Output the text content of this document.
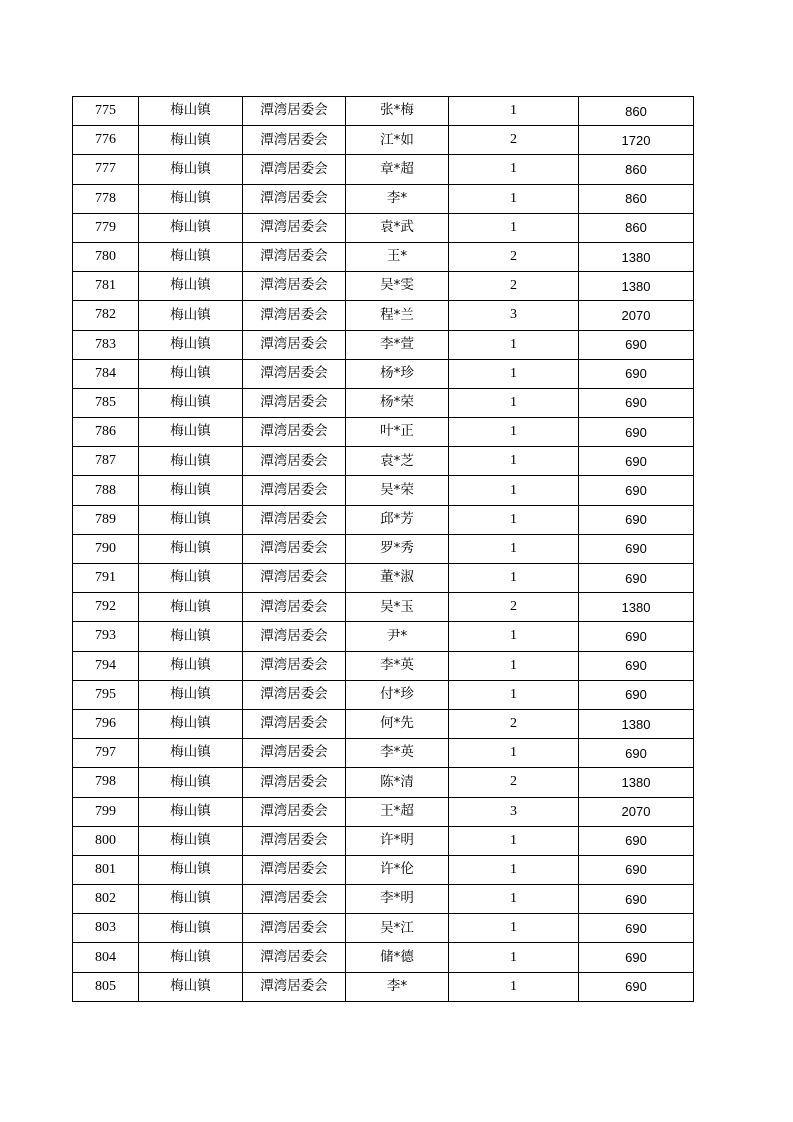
775	梅山镇	潭湾居委会	张*梅	1	860
776	梅山镇	潭湾居委会	江*如	2	1720
777	梅山镇	潭湾居委会	章*超	1	860
778	梅山镇	潭湾居委会	李*	1	860
779	梅山镇	潭湾居委会	袁*武	1	860
780	梅山镇	潭湾居委会	王*	2	1380
781	梅山镇	潭湾居委会	吴*雯	2	1380
782	梅山镇	潭湾居委会	程*兰	3	2070
783	梅山镇	潭湾居委会	李*萱	1	690
784	梅山镇	潭湾居委会	杨*珍	1	690
785	梅山镇	潭湾居委会	杨*荣	1	690
786	梅山镇	潭湾居委会	叶*正	1	690
787	梅山镇	潭湾居委会	袁*芝	1	690
788	梅山镇	潭湾居委会	吴*荣	1	690
789	梅山镇	潭湾居委会	邱*芳	1	690
790	梅山镇	潭湾居委会	罗*秀	1	690
791	梅山镇	潭湾居委会	董*淑	1	690
792	梅山镇	潭湾居委会	吴*玉	2	1380
793	梅山镇	潭湾居委会	尹*	1	690
794	梅山镇	潭湾居委会	李*英	1	690
795	梅山镇	潭湾居委会	付*珍	1	690
796	梅山镇	潭湾居委会	何*先	2	1380
797	梅山镇	潭湾居委会	李*英	1	690
798	梅山镇	潭湾居委会	陈*清	2	1380
799	梅山镇	潭湾居委会	王*超	3	2070
800	梅山镇	潭湾居委会	许*明	1	690
801	梅山镇	潭湾居委会	许*伦	1	690
802	梅山镇	潭湾居委会	李*明	1	690
803	梅山镇	潭湾居委会	吴*江	1	690
804	梅山镇	潭湾居委会	储*德	1	690
805	梅山镇	潭湾居委会	李*	1	690
